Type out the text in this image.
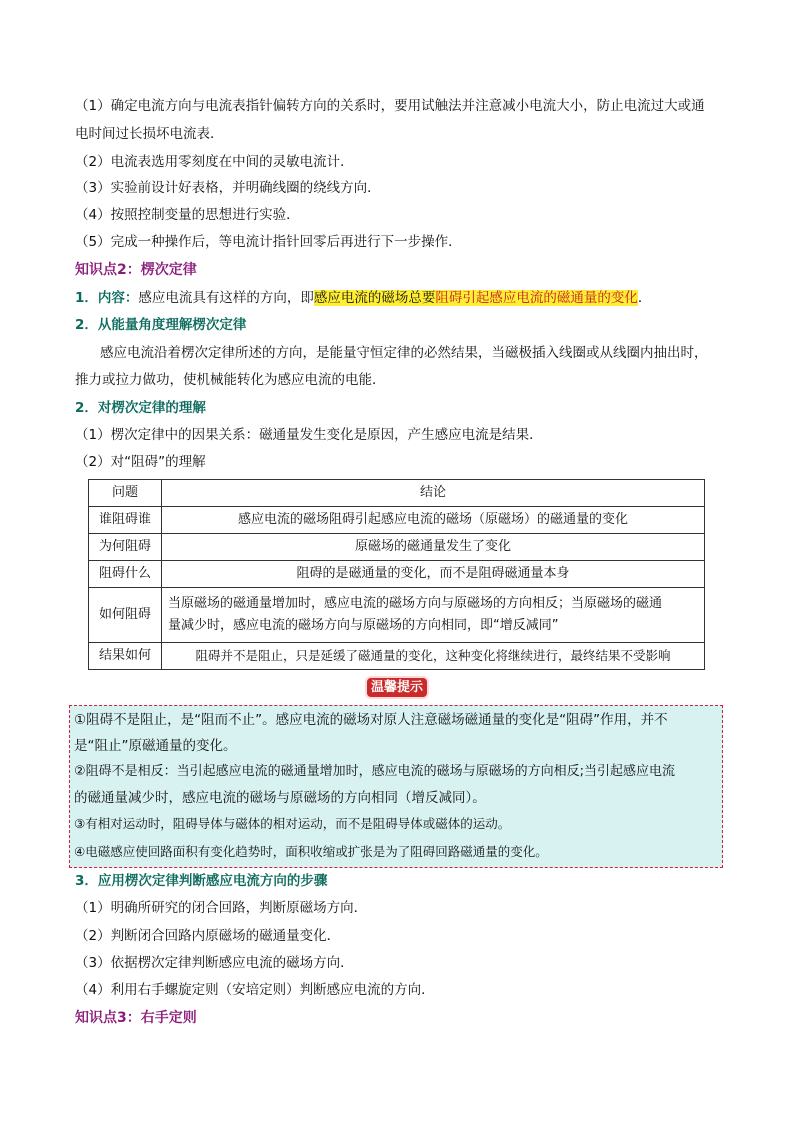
（1）确定电流方向与电流表指针偏转方向的关系时，要用试触法并注意减小电流大小，防止电流过大或通
电时间过长损坏电流表．
（2）电流表选用零刻度在中间的灵敏电流计．
（3）实验前设计好表格，并明确线圈的绕线方向．
（4）按照控制变量的思想进行实验．
（5）完成一种操作后，等电流计指针回零后再进行下一步操作．
知识点2：楞次定律
1．内容：感应电流具有这样的方向，即感应电流的磁场总要阻碍引起感应电流的磁通量的变化．
2．从能量角度理解楞次定律
感应电流沿着楞次定律所述的方向，是能量守恒定律的必然结果，当磁极插入线圈或从线圈内抽出时，
推力或拉力做功，使机械能转化为感应电流的电能．
2．对楞次定律的理解
（1）楞次定律中的因果关系：磁通量发生变化是原因，产生感应电流是结果．
（2）对“阻碍”的理解
问题	结论
谁阻碍谁	感应电流的磁场阻碍引起感应电流的磁场（原磁场）的磁通量的变化
为何阻碍	原磁场的磁通量发生了变化
阻碍什么	阻碍的是磁通量的变化，而不是阻碍磁通量本身
如何阻碍	当原磁场的磁通量增加时，感应电流的磁场方向与原磁场的方向相反；当原磁场的磁通
量减少时，感应电流的磁场方向与原磁场的方向相同，即“增反减同”

结果如何	阻碍并不是阻止，只是延缓了磁通量的变化，这种变化将继续进行，最终结果不受影响
温馨提示
①阻碍不是阻止，是“阻而不止”。感应电流的磁场对原人注意磁场磁通量的变化是“阻碍”作用，并不
是“阻止”原磁通量的变化。
②阻碍不是相反：当引起感应电流的磁通量增加时，感应电流的磁场与原磁场的方向相反;当引起感应电流
的磁通量减少时，感应电流的磁场与原磁场的方向相同（增反减同）。
③有相对运动时，阻碍导体与磁体的相对运动，而不是阻碍导体或磁体的运动。
④电磁感应使回路面积有变化趋势时，面积收缩或扩张是为了阻碍回路磁通量的变化。
3．应用楞次定律判断感应电流方向的步骤
（1）明确所研究的闭合回路，判断原磁场方向．
（2）判断闭合回路内原磁场的磁通量变化．
（3）依据楞次定律判断感应电流的磁场方向．
（4）利用右手螺旋定则（安培定则）判断感应电流的方向．
知识点3：右手定则
